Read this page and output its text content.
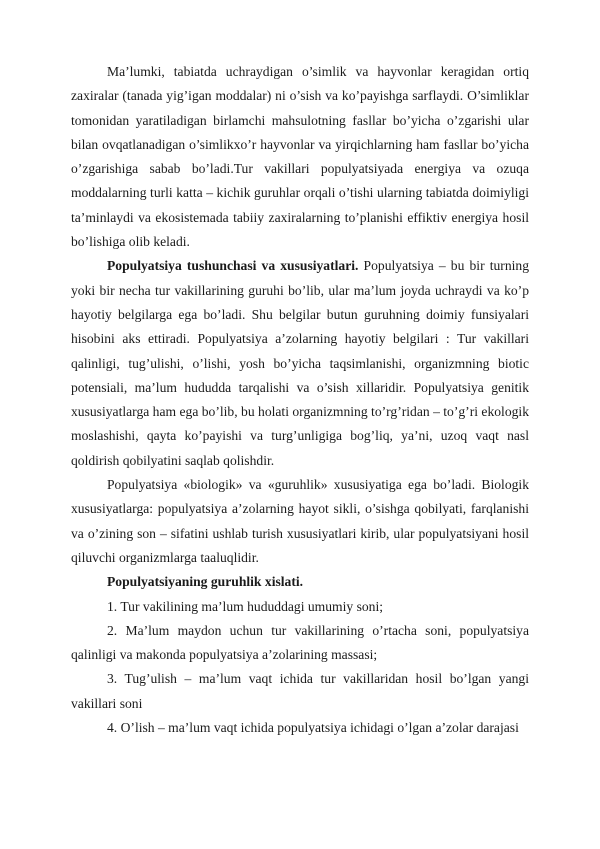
Ma’lumki, tabiatda uchraydigan o’simlik va hayvonlar keragidan ortiq zaxiralar (tanada yig’igan moddalar) ni o’sish va ko’payishga sarflaydi. O’simliklar tomonidan yaratiladigan birlamchi mahsulotning fasllar bo’yicha o’zgarishi ular bilan ovqatlanadigan o’simlikxo’r hayvonlar va yirqichlarning ham fasllar bo’yicha o’zgarishiga sabab bo’ladi.Tur vakillari populyatsiyada energiya va ozuqa moddalarning turli katta – kichik guruhlar orqali o’tishi ularning tabiatda doimiyligi ta’minlaydi va ekosistemada tabiiy zaxiralarning to’planishi effiktiv energiya hosil bo’lishiga olib keladi.

Populyatsiya tushunchasi va xususiyatlari. Populyatsiya – bu bir turning yoki bir necha tur vakillarining guruhi bo’lib, ular ma’lum joyda uchraydi va ko’p hayotiy belgilarga ega bo’ladi. Shu belgilar butun guruhning doimiy funsiyalari hisobini aks ettiradi. Populyatsiya a’zolarning hayotiy belgilari : Tur vakillari qalinligi, tug’ulishi, o’lishi, yosh bo’yicha taqsimlanishi, organizmning biotic potensiali, ma’lum hududda tarqalishi va o’sish xillaridir. Populyatsiya genitik xususiyatlarga ham ega bo’lib, bu holati organizmning to’rg’ridan – to’g’ri ekologik moslashishi, qayta ko’payishi va turg’unligiga bog’liq, ya’ni, uzoq vaqt nasl qoldirish qobilyatini saqlab qolishdir.

Populyatsiya «biologik» va «guruhlik» xususiyatiga ega bo’ladi. Biologik xususiyatlarga: populyatsiya a’zolarning hayot sikli, o’sishga qobilyati, farqlanishi va o’zining son – sifatini ushlab turish xususiyatlari kirib, ular populyatsiyani hosil qiluvchi organizmlarga taaluqlidir.

Populyatsiyaning guruhlik xislati.

1. Tur vakilining ma’lum hududdagi umumiy soni;

2. Ma’lum maydon uchun tur vakillarining o’rtacha soni, populyatsiya qalinligi va makonda populyatsiya a’zolarining massasi;

3. Tug’ulish – ma’lum vaqt ichida tur vakillaridan hosil bo’lgan yangi vakillari soni

4. O’lish – ma’lum vaqt ichida populyatsiya ichidagi o’lgan a’zolar darajasi
